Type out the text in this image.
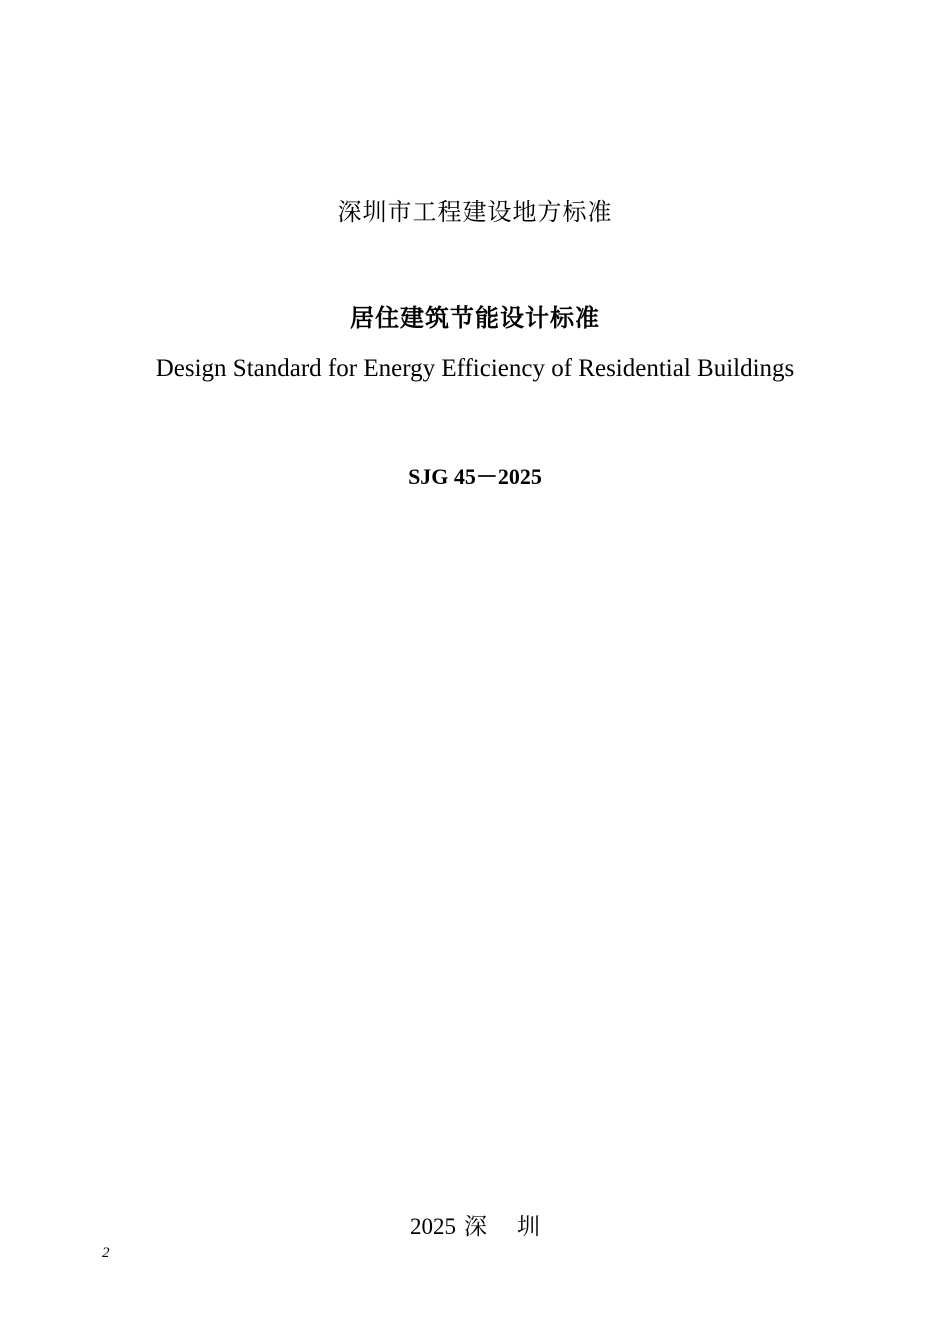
深圳市工程建设地方标准
居住建筑节能设计标准
Design Standard for Energy Efficiency of Residential Buildings
SJG 45－2025
2025 深 圳
2
